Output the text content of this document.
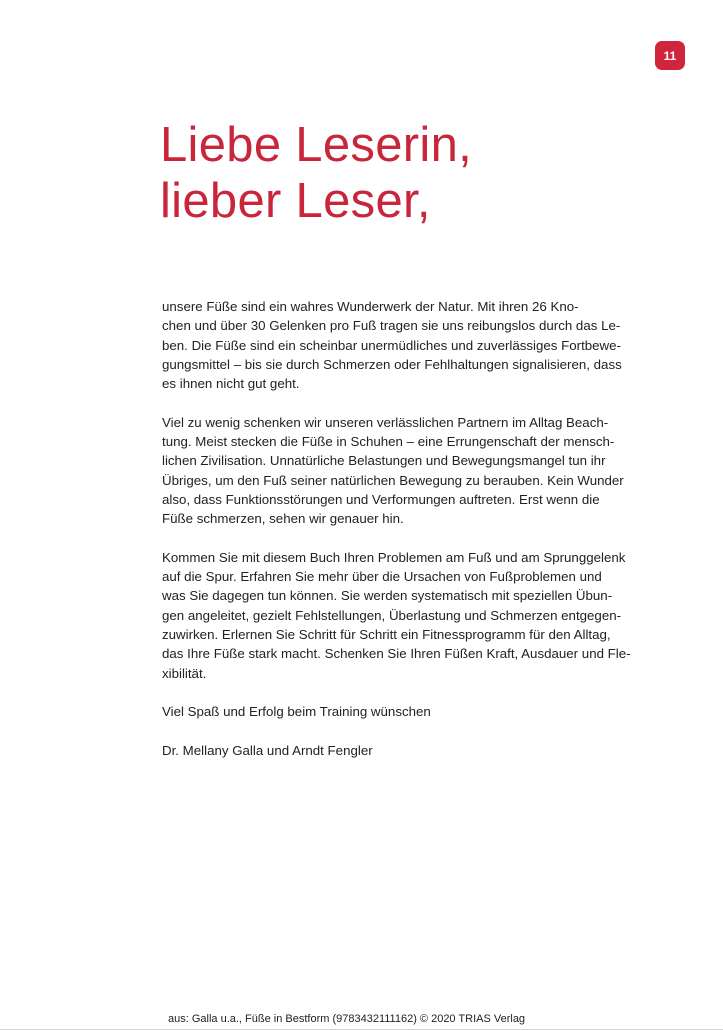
11
Liebe Leserin,
lieber Leser,

unsere Füße sind ein wahres Wunderwerk der Natur. Mit ihren 26 Kno-
chen und über 30 Gelenken pro Fuß tragen sie uns reibungslos durch das Le-
ben. Die Füße sind ein scheinbar unermüdliches und zuverlässiges Fortbewe-
gungsmittel – bis sie durch Schmerzen oder Fehlhaltungen signalisieren, dass
es ihnen nicht gut geht.

Viel zu wenig schenken wir unseren verlässlichen Partnern im Alltag Beach-
tung. Meist stecken die Füße in Schuhen – eine Errungenschaft der mensch-
lichen Zivilisation. Unnatürliche Belastungen und Bewegungsmangel tun ihr
Übriges, um den Fuß seiner natürlichen Bewegung zu berauben. Kein Wunder
also, dass Funktionsstörungen und Verformungen auftreten. Erst wenn die
Füße schmerzen, sehen wir genauer hin.

Kommen Sie mit diesem Buch Ihren Problemen am Fuß und am Sprunggelenk
auf die Spur. Erfahren Sie mehr über die Ursachen von Fußproblemen und
was Sie dagegen tun können. Sie werden systematisch mit speziellen Übun-
gen angeleitet, gezielt Fehlstellungen, Überlastung und Schmerzen entgegen-
zuwirken. Erlernen Sie Schritt für Schritt ein Fitnessprogramm für den Alltag,
das Ihre Füße stark macht. Schenken Sie Ihren Füßen Kraft, Ausdauer und Fle-
xibilität.

Viel Spaß und Erfolg beim Training wünschen

Dr. Mellany Galla und Arndt Fengler

aus: Galla u.a., Füße in Bestform (9783432111162) © 2020 TRIAS Verlag
